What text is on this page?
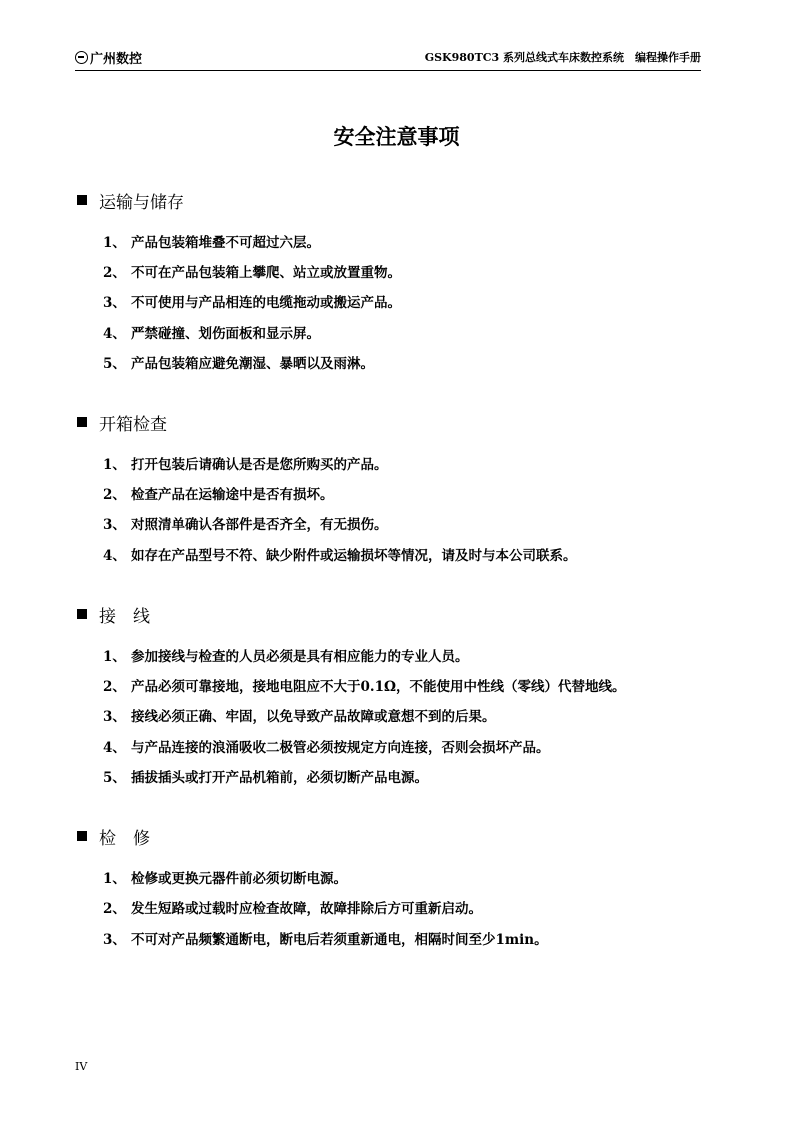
广州数控	GSK980TC3 系列总线式车床数控系统　编程操作手册
安全注意事项
运输与储存
1、 产品包装箱堆叠不可超过六层。
2、 不可在产品包装箱上攀爬、站立或放置重物。
3、 不可使用与产品相连的电缆拖动或搬运产品。
4、 严禁碰撞、划伤面板和显示屏。
5、 产品包装箱应避免潮湿、暴晒以及雨淋。
开箱检查
1、 打开包装后请确认是否是您所购买的产品。
2、 检查产品在运输途中是否有损坏。
3、 对照清单确认各部件是否齐全，有无损伤。
4、 如存在产品型号不符、缺少附件或运输损坏等情况，请及时与本公司联系。
接　线
1、 参加接线与检查的人员必须是具有相应能力的专业人员。
2、 产品必须可靠接地，接地电阻应不大于0.1Ω，不能使用中性线（零线）代替地线。
3、 接线必须正确、牢固，以免导致产品故障或意想不到的后果。
4、 与产品连接的浪涌吸收二极管必须按规定方向连接，否则会损坏产品。
5、 插拔插头或打开产品机箱前，必须切断产品电源。
检　修
1、 检修或更换元器件前必须切断电源。
2、 发生短路或过载时应检查故障，故障排除后方可重新启动。
3、 不可对产品频繁通断电，断电后若须重新通电，相隔时间至少1min。
IV
